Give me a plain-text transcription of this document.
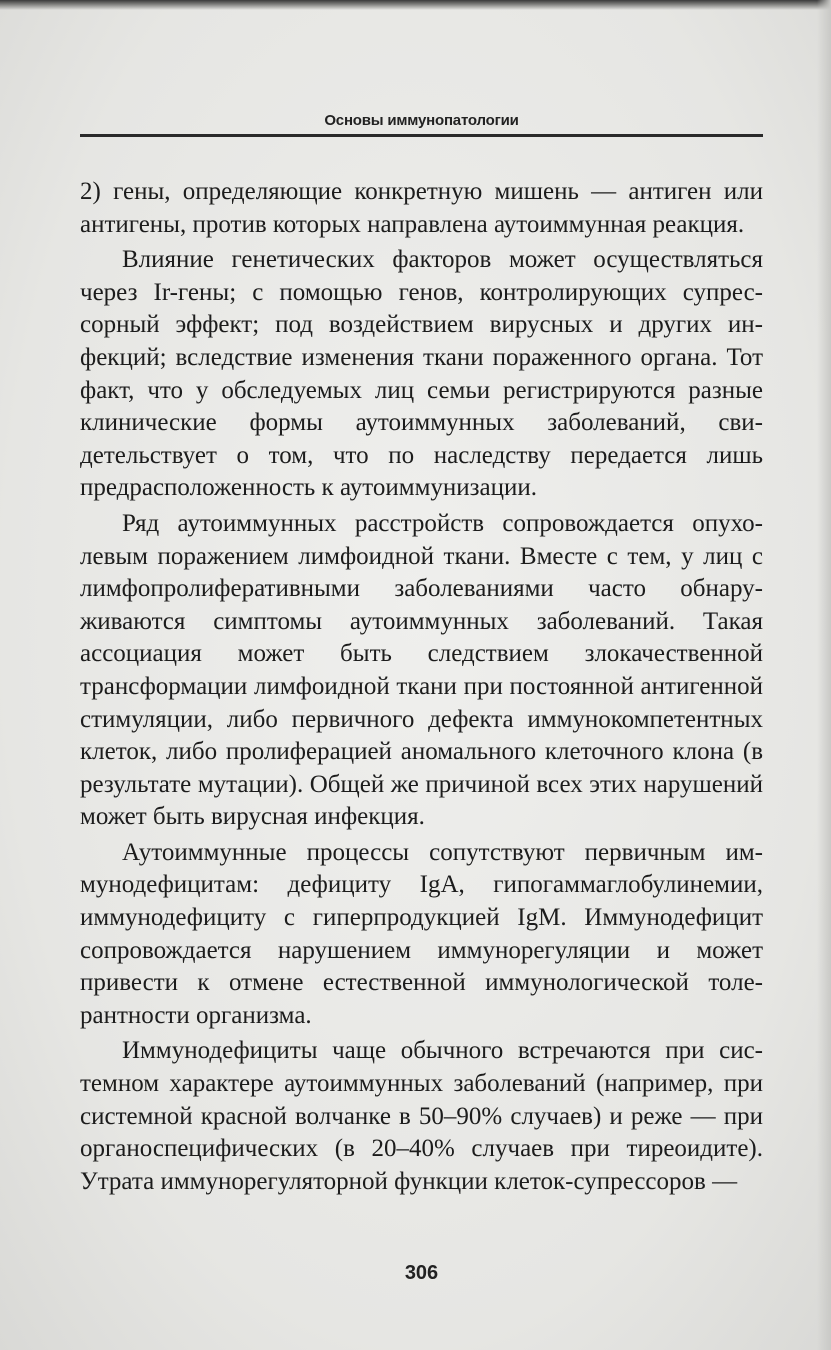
Основы иммунопатологии

2) гены, определяющие конкретную мишень — антиген или антигены, против которых направлена аутоиммунная реакция.

Влияние генетических факторов может осуществляться через Ir-гены; с помощью генов, контролирующих супрессорный эффект; под воздействием вирусных и других инфекций; вследствие изменения ткани пораженного органа. Тот факт, что у обследуемых лиц семьи регистрируются разные клинические формы аутоиммунных заболеваний, свидетельствует о том, что по наследству передается лишь предрасположенность к аутоиммунизации.

Ряд аутоиммунных расстройств сопровождается опухолевым поражением лимфоидной ткани. Вместе с тем, у лиц с лимфопролиферативными заболеваниями часто обнаруживаются симптомы аутоиммунных заболеваний. Такая ассоциация может быть следствием злокачественной трансформации лимфоидной ткани при постоянной антигенной стимуляции, либо первичного дефекта иммунокомпетентных клеток, либо пролиферацией аномального клеточного клона (в результате мутации). Общей же причиной всех этих нарушений может быть вирусная инфекция.

Аутоиммунные процессы сопутствуют первичным иммунодефицитам: дефициту IgA, гипогаммаглобулинемии, иммунодефициту с гиперпродукцией IgM. Иммунодефицит сопровождается нарушением иммунорегуляции и может привести к отмене естественной иммунологической толерантности организма.

Иммунодефициты чаще обычного встречаются при системном характере аутоиммунных заболеваний (например, при системной красной волчанке в 50–90% случаев) и реже — при органоспецифических (в 20–40% случаев при тиреоидите). Утрата иммунорегуляторной функции клеток-супрессоров —

306
